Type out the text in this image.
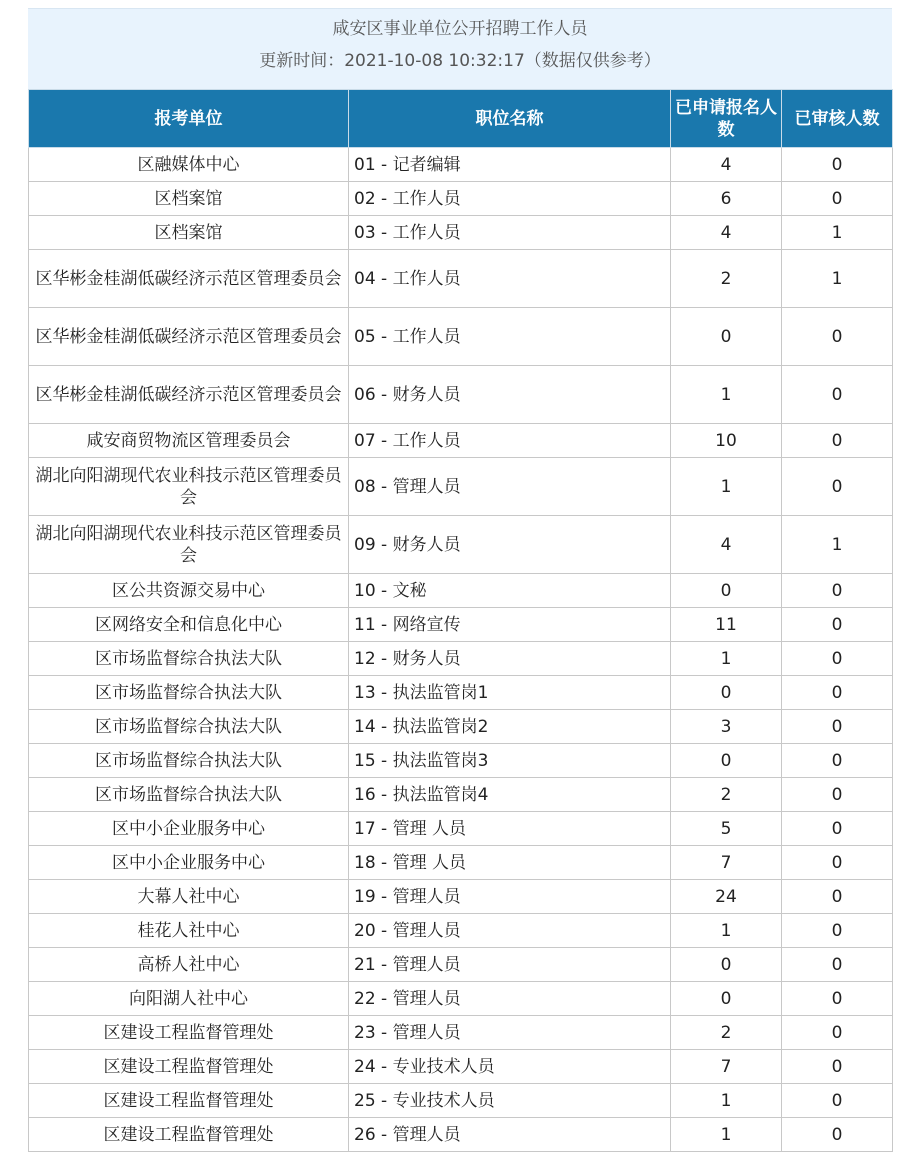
咸安区事业单位公开招聘工作人员
更新时间：2021-10-08 10:32:17（数据仅供参考）
报考单位	职位名称	已申请报名人数	已审核人数
区融媒体中心	01 - 记者编辑	4	0
区档案馆	02 - 工作人员	6	0
区档案馆	03 - 工作人员	4	1
区华彬金桂湖低碳经济示范区管理委员会	04 - 工作人员	2	1
区华彬金桂湖低碳经济示范区管理委员会	05 - 工作人员	0	0
区华彬金桂湖低碳经济示范区管理委员会	06 - 财务人员	1	0
咸安商贸物流区管理委员会	07 - 工作人员	10	0
湖北向阳湖现代农业科技示范区管理委员会	08 - 管理人员	1	0
湖北向阳湖现代农业科技示范区管理委员会	09 - 财务人员	4	1
区公共资源交易中心	10 - 文秘	0	0
区网络安全和信息化中心	11 - 网络宣传	11	0
区市场监督综合执法大队	12 - 财务人员	1	0
区市场监督综合执法大队	13 - 执法监管岗1	0	0
区市场监督综合执法大队	14 - 执法监管岗2	3	0
区市场监督综合执法大队	15 - 执法监管岗3	0	0
区市场监督综合执法大队	16 - 执法监管岗4	2	0
区中小企业服务中心	17 - 管理 人员	5	0
区中小企业服务中心	18 - 管理 人员	7	0
大幕人社中心	19 - 管理人员	24	0
桂花人社中心	20 - 管理人员	1	0
高桥人社中心	21 - 管理人员	0	0
向阳湖人社中心	22 - 管理人员	0	0
区建设工程监督管理处	23 - 管理人员	2	0
区建设工程监督管理处	24 - 专业技术人员	7	0
区建设工程监督管理处	25 - 专业技术人员	1	0
区建设工程监督管理处	26 - 管理人员	1	0
